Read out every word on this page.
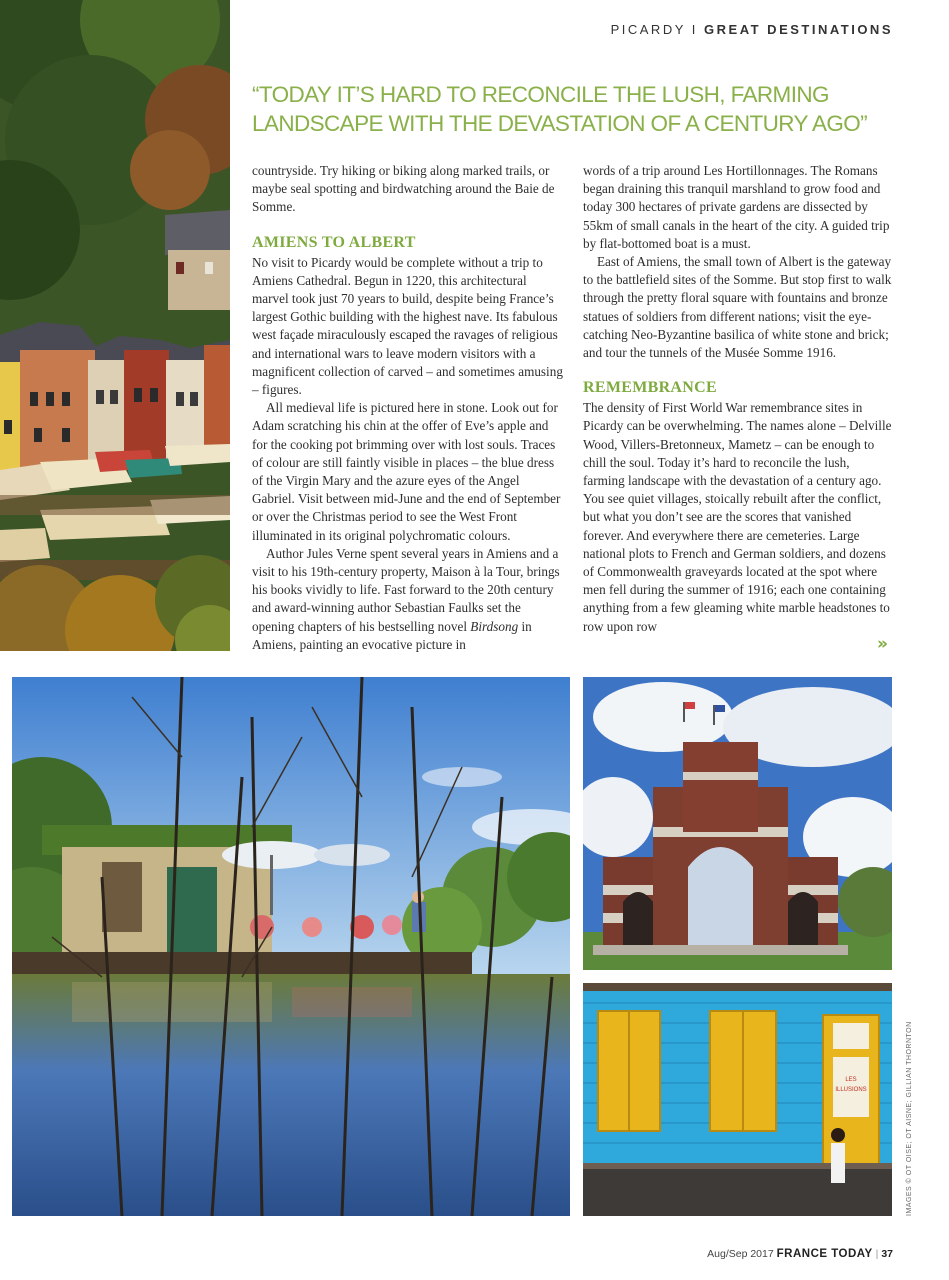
PICARDY I GREAT DESTINATIONS
“TODAY IT’S HARD TO RECONCILE THE LUSH, FARMING LANDSCAPE WITH THE DEVASTATION OF A CENTURY AGO”

countryside. Try hiking or biking along marked trails, or maybe seal spotting and birdwatching around the Baie de Somme.

AMIENS TO ALBERT

No visit to Picardy would be complete without a trip to Amiens Cathedral. Begun in 1220, this architectural marvel took just 70 years to build, despite being France’s largest Gothic building with the highest nave. Its fabulous west façade miraculously escaped the ravages of religious and international wars to leave modern visitors with a magnificent collection of carved – and sometimes amusing – figures.

All medieval life is pictured here in stone. Look out for Adam scratching his chin at the offer of Eve’s apple and for the cooking pot brimming over with lost souls. Traces of colour are still faintly visible in places – the blue dress of the Virgin Mary and the azure eyes of the Angel Gabriel. Visit between mid-June and the end of September or over the Christmas period to see the West Front illuminated in its original polychromatic colours.

Author Jules Verne spent several years in Amiens and a visit to his 19th-century property, Maison à la Tour, brings his books vividly to life. Fast forward to the 20th century and award-winning author Sebastian Faulks set the opening chapters of his bestselling novel Birdsong in Amiens, painting an evocative picture in

words of a trip around Les Hortillonnages. The Romans began draining this tranquil marshland to grow food and today 300 hectares of private gardens are dissected by 55km of small canals in the heart of the city. A guided trip by flat-bottomed boat is a must.

East of Amiens, the small town of Albert is the gateway to the battlefield sites of the Somme. But stop first to walk through the pretty floral square with fountains and bronze statues of soldiers from different nations; visit the eye-catching Neo-Byzantine basilica of white stone and brick; and tour the tunnels of the Musée Somme 1916.

REMEMBRANCE

The density of First World War remembrance sites in Picardy can be overwhelming. The names alone – Delville Wood, Villers-Bretonneux, Mametz – can be enough to chill the soul. Today it’s hard to reconcile the lush, farming landscape with the devastation of a century ago. You see quiet villages, stoically rebuilt after the conflict, but what you don’t see are the scores that vanished forever. And everywhere there are cemeteries. Large national plots to French and German soldiers, and dozens of Commonwealth graveyards located at the spot where men fell during the summer of 1916; each one containing anything from a few gleaming white marble headstones to row upon row

»
LES
ILLUSIONS	IMAGES © OT OISE; OT AISNE; GILLIAN THORNTON
Aug/Sep 2017 FRANCE TODAY | 37
